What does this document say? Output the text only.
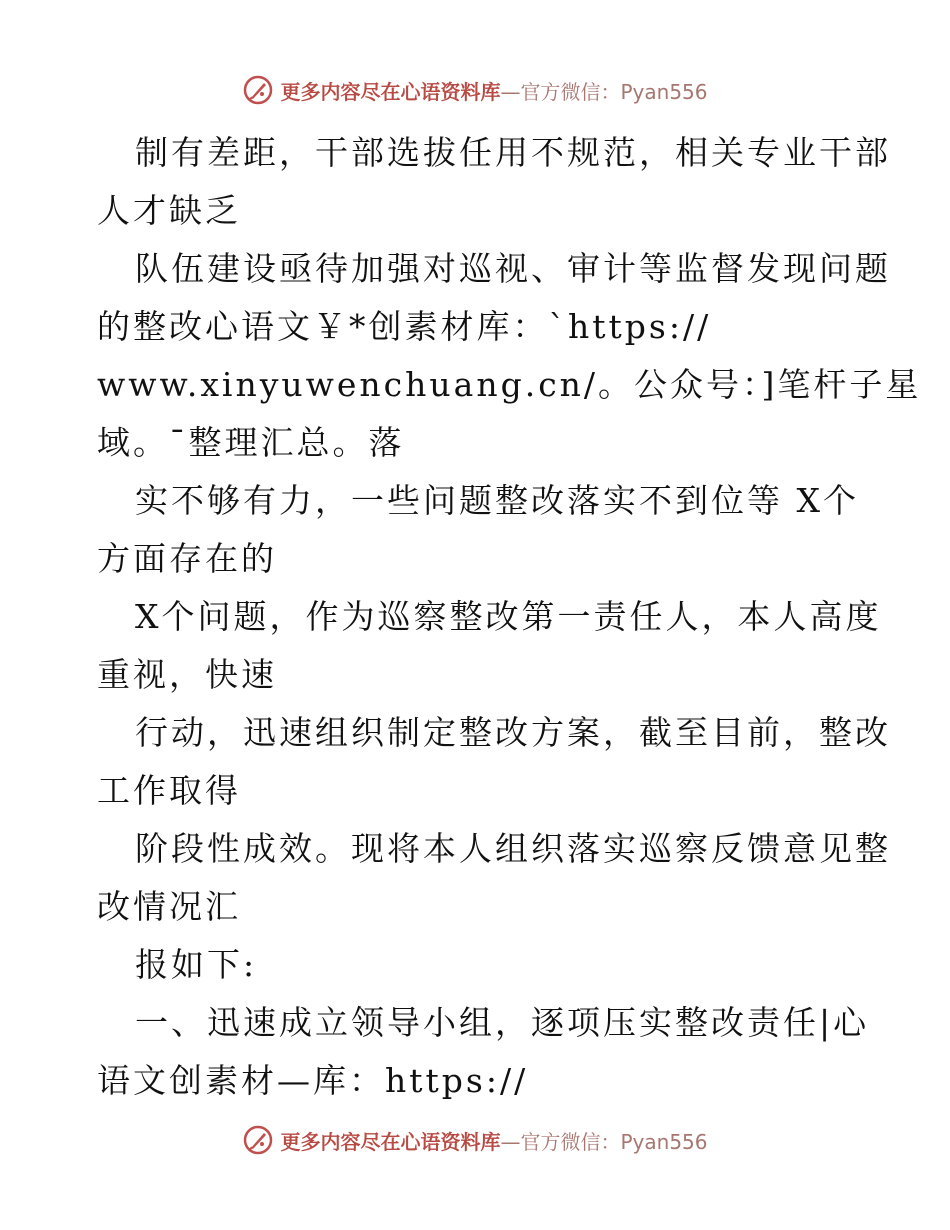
更多内容尽在心语资料库—官方微信：Pyan556
制有差距，干部选拔任用不规范，相关专业干部
人才缺乏
队伍建设亟待加强对巡视、审计等监督发现问题
的整改心语文￥*创素材库：`https://
www.xinyuwenchuang.cn/。公众号：]笔杆子星
域。¯整理汇总。落
实不够有力，一些问题整改落实不到位等 X个
方面存在的
X个问题，作为巡察整改第一责任人，本人高度
重视，快速
行动，迅速组织制定整改方案，截至目前，整改
工作取得
阶段性成效。现将本人组织落实巡察反馈意见整
改情况汇
报如下:
一、迅速成立领导小组，逐项压实整改责任|心
语文创素材—库：https://
更多内容尽在心语资料库—官方微信：Pyan556
